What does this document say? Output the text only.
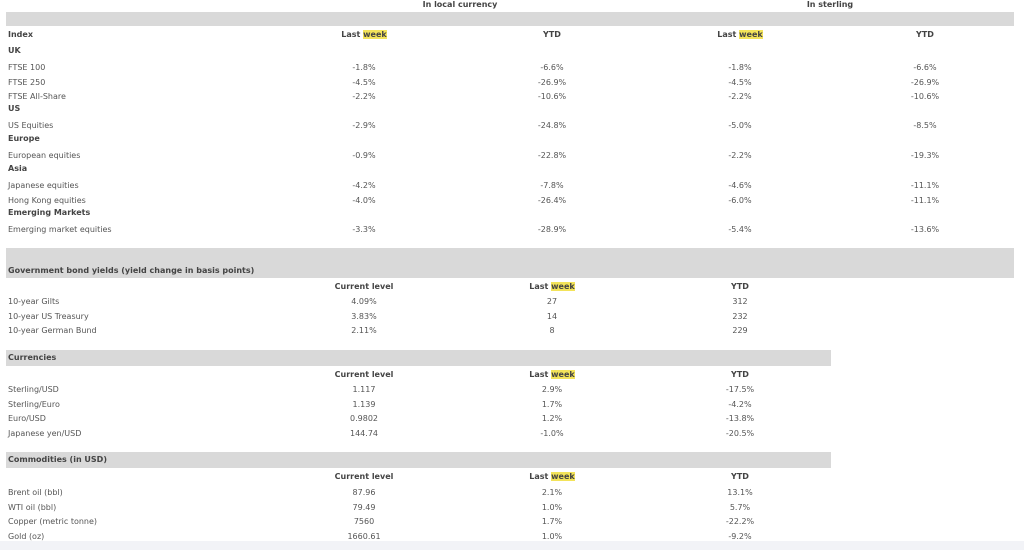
In local currency	In sterling
Index	Last week	YTD	Last week	YTD
UK
FTSE 100	-1.8%	-6.6%	-1.8%	-6.6%
FTSE 250	-4.5%	-26.9%	-4.5%	-26.9%
FTSE All-Share	-2.2%	-10.6%	-2.2%	-10.6%
US
US Equities	-2.9%	-24.8%	-5.0%	-8.5%
Europe
European equities	-0.9%	-22.8%	-2.2%	-19.3%
Asia
Japanese equities	-4.2%	-7.8%	-4.6%	-11.1%
Hong Kong equities	-4.0%	-26.4%	-6.0%	-11.1%
Emerging Markets
Emerging market equities	-3.3%	-28.9%	-5.4%	-13.6%
Government bond yields (yield change in basis points)
Current level	Last week	YTD
10-year Gilts	4.09%	27	312
10-year US Treasury	3.83%	14	232
10-year German Bund	2.11%	8	229
Currencies
Current level	Last week	YTD
Sterling/USD	1.117	2.9%	-17.5%
Sterling/Euro	1.139	1.7%	-4.2%
Euro/USD	0.9802	1.2%	-13.8%
Japanese yen/USD	144.74	-1.0%	-20.5%
Commodities (in USD)
Current level	Last week	YTD
Brent oil (bbl)	87.96	2.1%	13.1%
WTI oil (bbl)	79.49	1.0%	5.7%
Copper (metric tonne)	7560	1.7%	-22.2%
Gold (oz)	1660.61	1.0%	-9.2%
